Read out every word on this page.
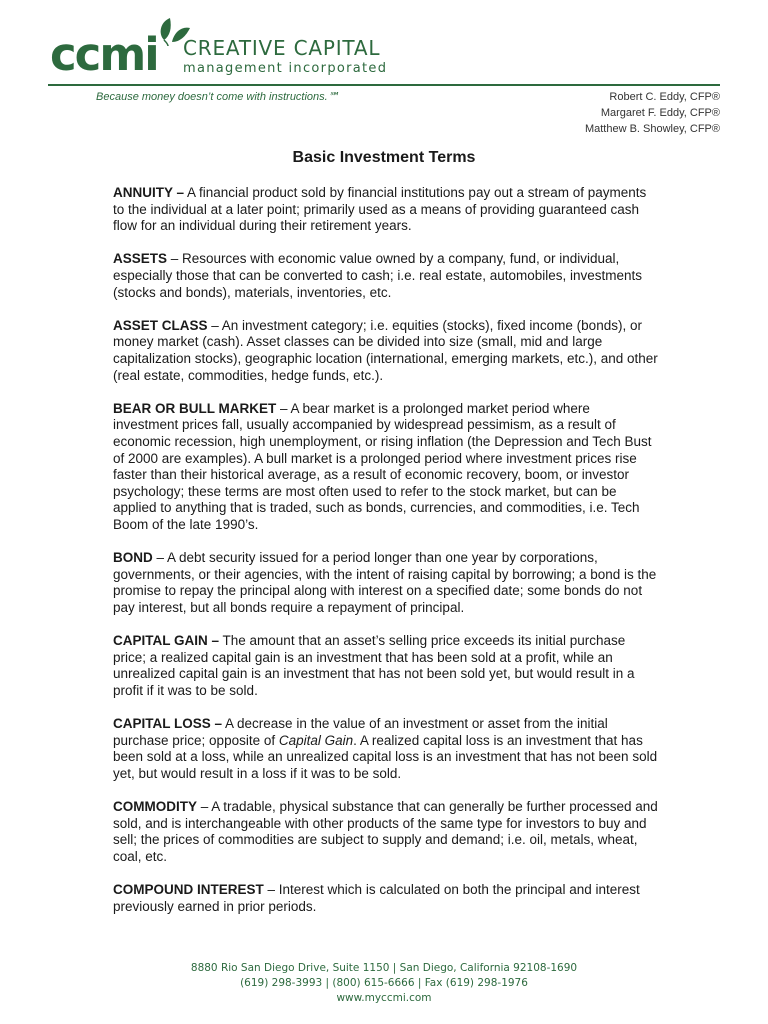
ccmi CREATIVE CAPITAL
management incorporated
Because money doesn’t come with instructions.℠	Robert C. Eddy, CFP®
Margaret F. Eddy, CFP®
Matthew B. Showley, CFP®
Basic Investment Terms

ANNUITY – A financial product sold by financial institutions pay out a stream of payments to the individual at a later point; primarily used as a means of providing guaranteed cash flow for an individual during their retirement years.

ASSETS – Resources with economic value owned by a company, fund, or individual, especially those that can be converted to cash; i.e. real estate, automobiles, investments (stocks and bonds), materials, inventories, etc.

ASSET CLASS – An investment category; i.e. equities (stocks), fixed income (bonds), or money market (cash). Asset classes can be divided into size (small, mid and large capitalization stocks), geographic location (international, emerging markets, etc.), and other (real estate, commodities, hedge funds, etc.).

BEAR OR BULL MARKET – A bear market is a prolonged market period where investment prices fall, usually accompanied by widespread pessimism, as a result of economic recession, high unemployment, or rising inflation (the Depression and Tech Bust of 2000 are examples). A bull market is a prolonged period where investment prices rise faster than their historical average, as a result of economic recovery, boom, or investor psychology; these terms are most often used to refer to the stock market, but can be applied to anything that is traded, such as bonds, currencies, and commodities, i.e. Tech Boom of the late 1990’s.

BOND – A debt security issued for a period longer than one year by corporations, governments, or their agencies, with the intent of raising capital by borrowing; a bond is the promise to repay the principal along with interest on a specified date; some bonds do not pay interest, but all bonds require a repayment of principal.

CAPITAL GAIN – The amount that an asset’s selling price exceeds its initial purchase price; a realized capital gain is an investment that has been sold at a profit, while an unrealized capital gain is an investment that has not been sold yet, but would result in a profit if it was to be sold.

CAPITAL LOSS – A decrease in the value of an investment or asset from the initial purchase price; opposite of Capital Gain. A realized capital loss is an investment that has been sold at a loss, while an unrealized capital loss is an investment that has not been sold yet, but would result in a loss if it was to be sold.

COMMODITY – A tradable, physical substance that can generally be further processed and sold, and is interchangeable with other products of the same type for investors to buy and sell; the prices of commodities are subject to supply and demand; i.e. oil, metals, wheat, coal, etc.

COMPOUND INTEREST – Interest which is calculated on both the principal and interest previously earned in prior periods.

8880 Rio San Diego Drive, Suite 1150 | San Diego, California 92108-1690
(619) 298-3993 | (800) 615-6666 | Fax (619) 298-1976
www.myccmi.com
